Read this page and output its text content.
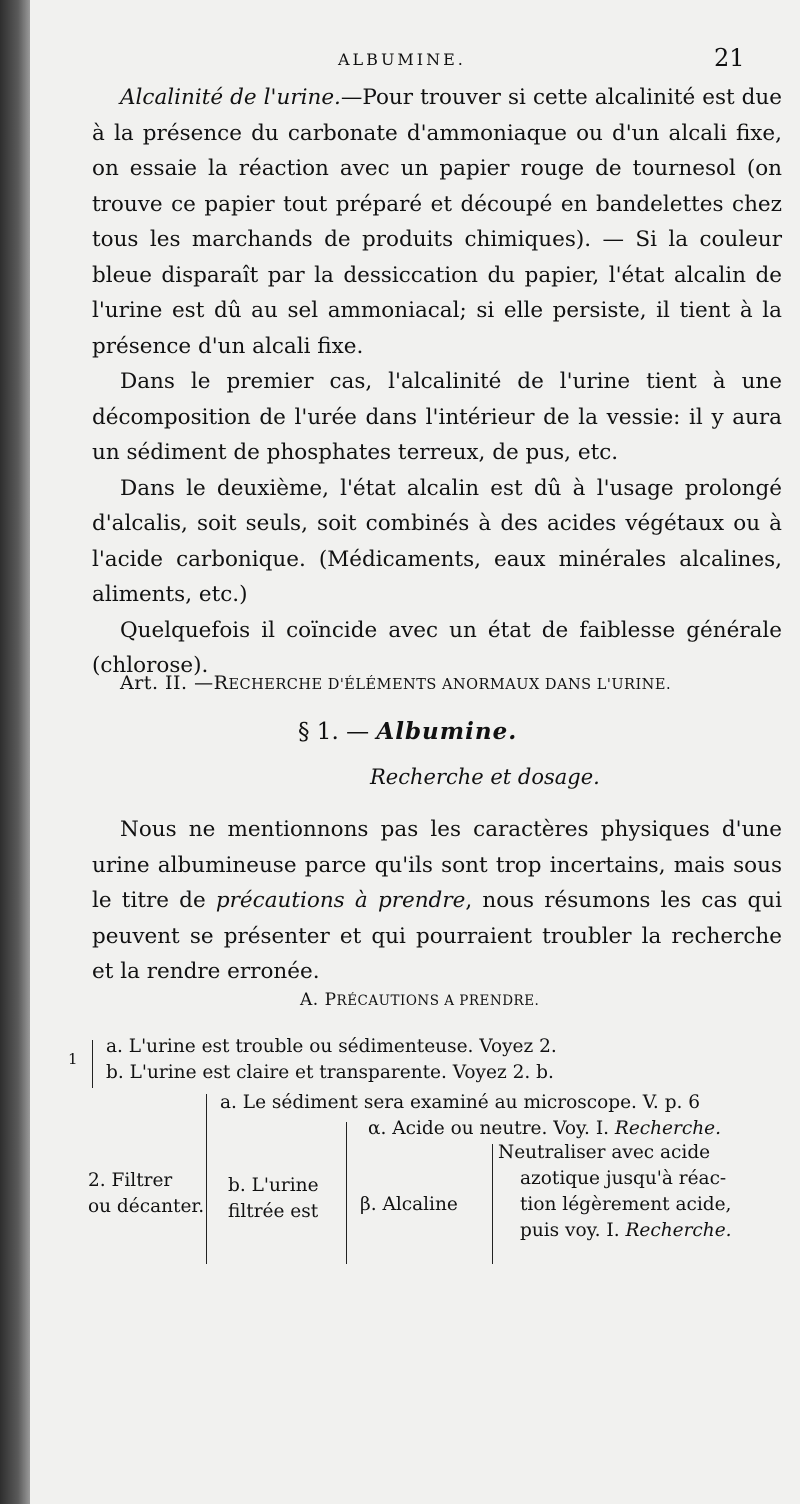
ALBUMINE.	21

Alcalinité de l'urine.—Pour trouver si cette alcalinité est due à la présence du carbonate d'ammoniaque ou d'un alcali fixe, on essaie la réaction avec un papier rouge de tournesol (on trouve ce papier tout préparé et découpé en bandelettes chez tous les marchands de produits chimiques). — Si la couleur bleue disparaît par la dessiccation du papier, l'état alcalin de l'urine est dû au sel ammoniacal; si elle persiste, il tient à la présence d'un alcali fixe.

Dans le premier cas, l'alcalinité de l'urine tient à une décomposition de l'urée dans l'intérieur de la vessie: il y aura un sédiment de phosphates terreux, de pus, etc.

Dans le deuxième, l'état alcalin est dû à l'usage prolongé d'alcalis, soit seuls, soit combinés à des acides végétaux ou à l'acide carbonique. (Médicaments, eaux minérales alcalines, aliments, etc.)

Quelquefois il coïncide avec un état de faiblesse générale (chlorose).

Art. II. —RECHERCHE D'ÉLÉMENTS ANORMAUX DANS L'URINE.
§ 1. — Albumine.
Recherche et dosage.

Nous ne mentionnons pas les caractères physiques d'une urine albumineuse parce qu'ils sont trop incertains, mais sous le titre de précautions à prendre, nous résumons les cas qui peuvent se présenter et qui pourraient troubler la recherche et la rendre erronée.

A. PRÉCAUTIONS A PRENDRE.
1
a. L'urine est trouble ou sédimenteuse. Voyez 2.
b. L'urine est claire et transparente. Voyez 2. b.
2. Filtrer
ou décanter.
a. Le sédiment sera examiné au microscope. V. p. 6
b. L'urine
filtrée est
α. Acide ou neutre. Voy. I. Recherche.
β. Alcaline
Neutraliser avec acide
azotique jusqu'à réac-
tion légèrement acide,
puis voy. I. Recherche.
